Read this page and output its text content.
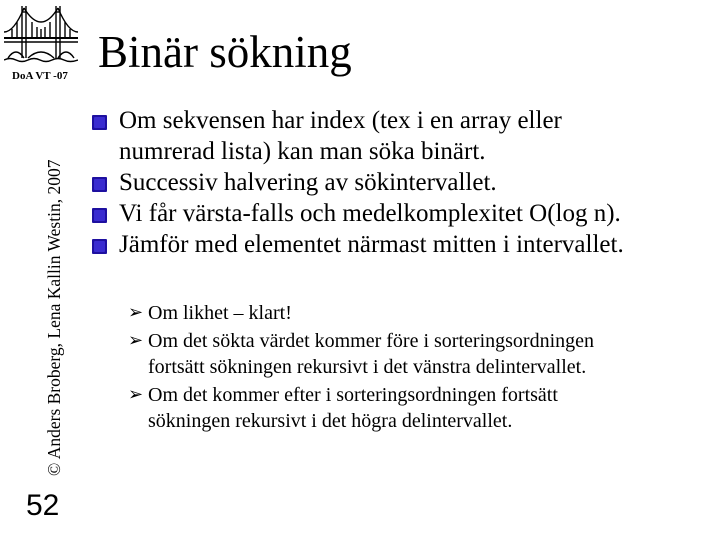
DoA VT -07
© Anders Broberg, Lena Kallin Westin, 2007
52
Binär sökning
Om sekvensen har index (tex i en array eller
numrerad lista) kan man söka binärt.
Successiv halvering av sökintervallet.
Vi får värsta-falls och medelkomplexitet O(log n).
Jämför med elementet närmast mitten i intervallet.
➢ Om likhet – klart!
➢ Om det sökta värdet kommer före i sorteringsordningen
fortsätt sökningen rekursivt i det vänstra delintervallet.
➢ Om det kommer efter i sorteringsordningen fortsätt
sökningen rekursivt i det högra delintervallet.
